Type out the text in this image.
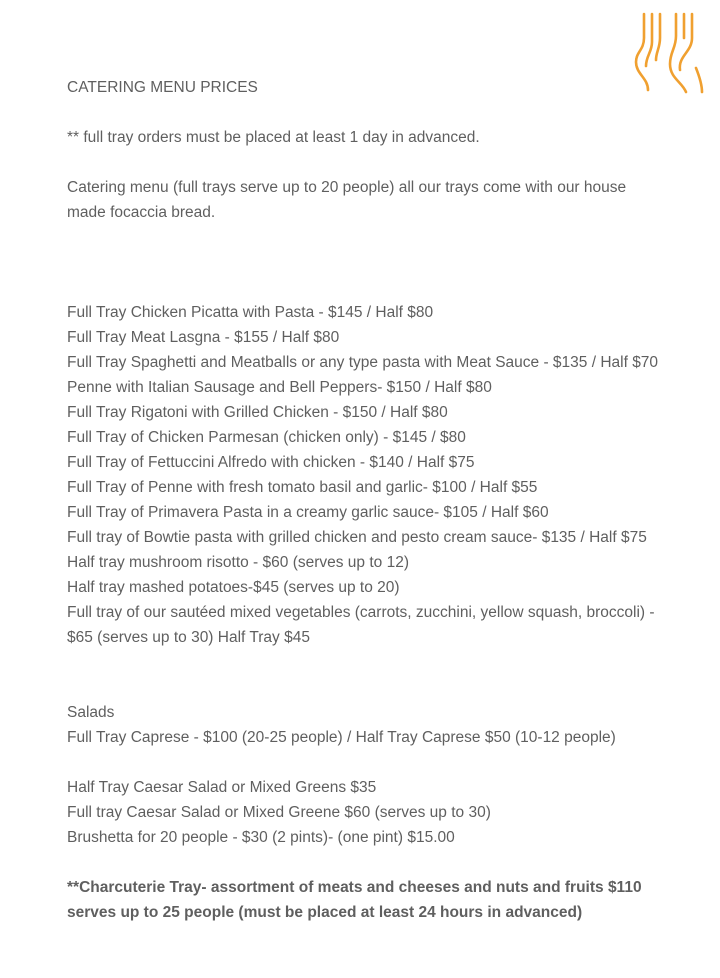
CATERING MENU PRICES

** full tray orders must be placed at least 1 day in advanced.

Catering menu (full trays serve up to 20 people) all our trays come with our house made focaccia bread.

Full Tray Chicken Picatta with Pasta - $145 / Half $80

Full Tray Meat Lasgna - $155 / Half $80

Full Tray Spaghetti and Meatballs or any type pasta with Meat Sauce - $135 / Half $70

Penne with Italian Sausage and Bell Peppers- $150 / Half $80

Full Tray Rigatoni with Grilled Chicken - $150 / Half $80

Full Tray of Chicken Parmesan (chicken only) - $145 / $80

Full Tray of Fettuccini Alfredo with chicken - $140 / Half $75

Full Tray of Penne with fresh tomato basil and garlic- $100 / Half $55

Full Tray of Primavera Pasta in a creamy garlic sauce- $105 / Half $60

Full tray of Bowtie pasta with grilled chicken and pesto cream sauce- $135 / Half $75

Half tray mushroom risotto - $60 (serves up to 12)

Half tray mashed potatoes-$45 (serves up to 20)

Full tray of our sautéed mixed vegetables (carrots, zucchini, yellow squash, broccoli) - $65 (serves up to 30) Half Tray $45

Salads

Full Tray Caprese - $100 (20-25 people) / Half Tray Caprese $50 (10-12 people)

Half Tray Caesar Salad or Mixed Greens $35

Full tray Caesar Salad or Mixed Greene $60 (serves up to 30)

Brushetta for 20 people - $30 (2 pints)- (one pint) $15.00

**Charcuterie Tray- assortment of meats and cheeses and nuts and fruits $110 serves up to 25 people (must be placed at least 24 hours in advanced)
